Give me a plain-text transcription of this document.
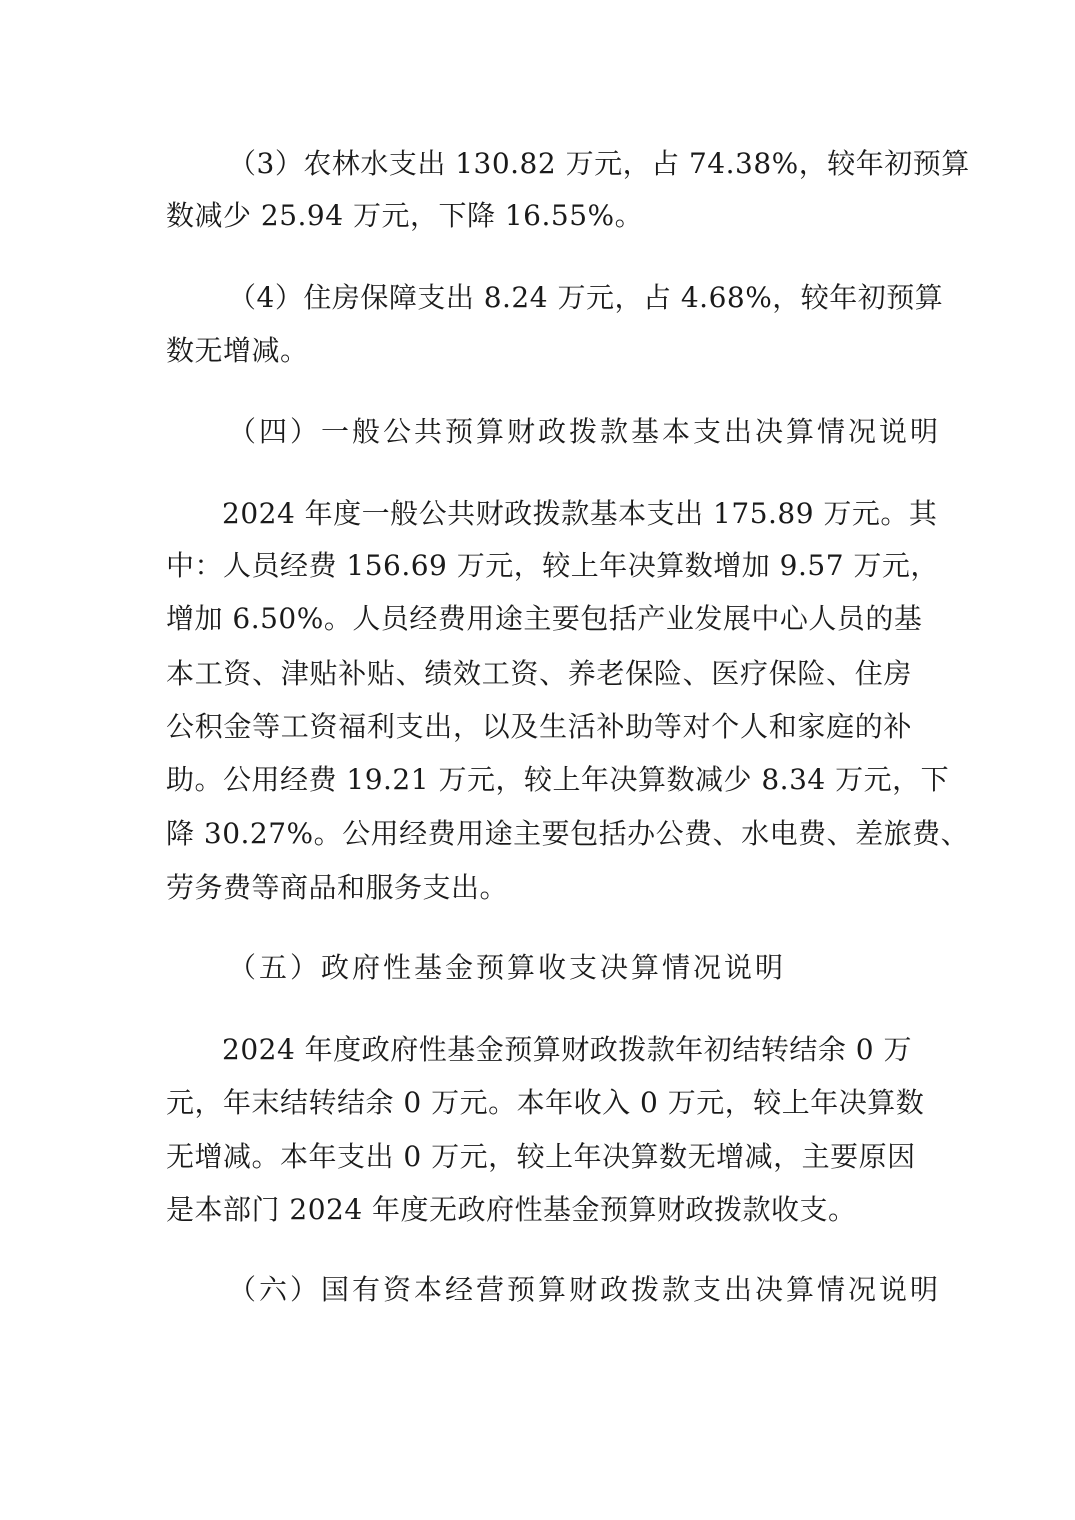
（3）农林水支出 130.82 万元，占 74.38%，较年初预算
数减少 25.94 万元，下降 16.55%。
（4）住房保障支出 8.24 万元，占 4.68%，较年初预算
数无增减。
（四）一般公共预算财政拨款基本支出决算情况说明
2024 年度一般公共财政拨款基本支出 175.89 万元。其
中：人员经费 156.69 万元，较上年决算数增加 9.57 万元，
增加 6.50%。人员经费用途主要包括产业发展中心人员的基
本工资、津贴补贴、绩效工资、养老保险、医疗保险、住房
公积金等工资福利支出，以及生活补助等对个人和家庭的补
助。公用经费 19.21 万元，较上年决算数减少 8.34 万元，下
降 30.27%。公用经费用途主要包括办公费、水电费、差旅费、
劳务费等商品和服务支出。
（五）政府性基金预算收支决算情况说明
2024 年度政府性基金预算财政拨款年初结转结余 0 万
元，年末结转结余 0 万元。本年收入 0 万元，较上年决算数
无增减。本年支出 0 万元，较上年决算数无增减，主要原因
是本部门 2024 年度无政府性基金预算财政拨款收支。
（六）国有资本经营预算财政拨款支出决算情况说明
